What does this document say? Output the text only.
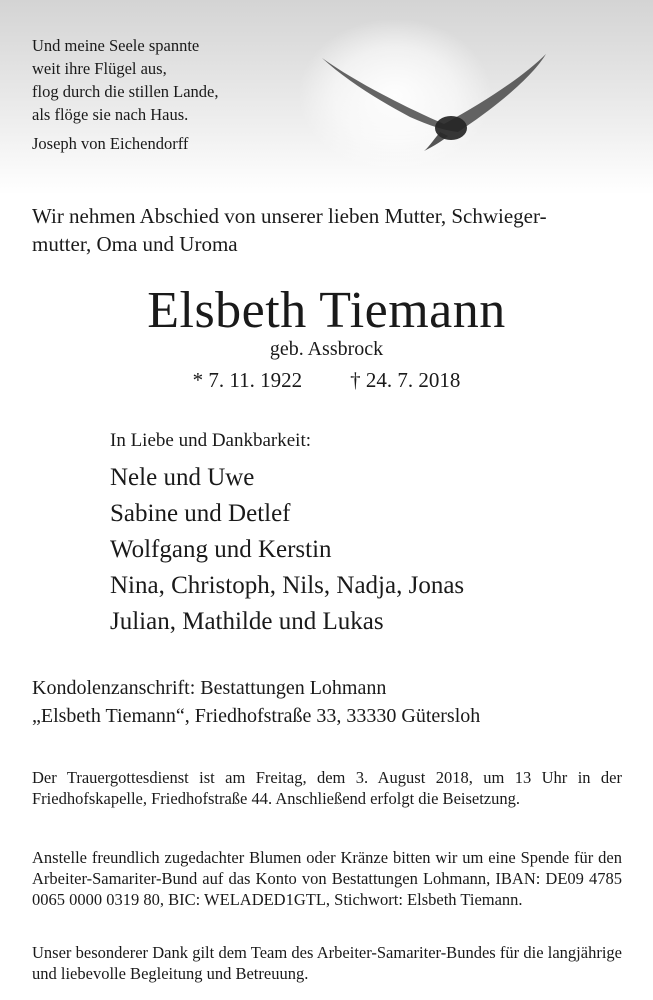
Und meine Seele spannte
weit ihre Flügel aus,
flog durch die stillen Lande,
als flöge sie nach Haus.
Joseph von Eichendorff
Wir nehmen Abschied von unserer lieben Mutter, Schwieger-
mutter, Oma und Uroma
Elsbeth Tiemann
geb. Assbrock
* 7. 11. 1922 † 24. 7. 2018
In Liebe und Dankbarkeit:
Nele und Uwe
Sabine und Detlef
Wolfgang und Kerstin
Nina, Christoph, Nils, Nadja, Jonas
Julian, Mathilde und Lukas
Kondolenzanschrift: Bestattungen Lohmann
„Elsbeth Tiemann“, Friedhofstraße 33, 33330 Gütersloh
Der Trauergottesdienst ist am Freitag, dem 3. August 2018, um 13 Uhr in der Friedhofskapelle, Friedhofstraße 44. Anschließend erfolgt die Beisetzung.
Anstelle freundlich zugedachter Blumen oder Kränze bitten wir um eine Spende für den Arbeiter-Samariter-Bund auf das Konto von Bestattungen Lohmann, IBAN: DE09 4785 0065 0000 0319 80, BIC: WELADED1GTL, Stichwort: Elsbeth Tiemann.
Unser besonderer Dank gilt dem Team des Arbeiter-Samariter-Bundes für die langjährige und liebevolle Begleitung und Betreuung.
